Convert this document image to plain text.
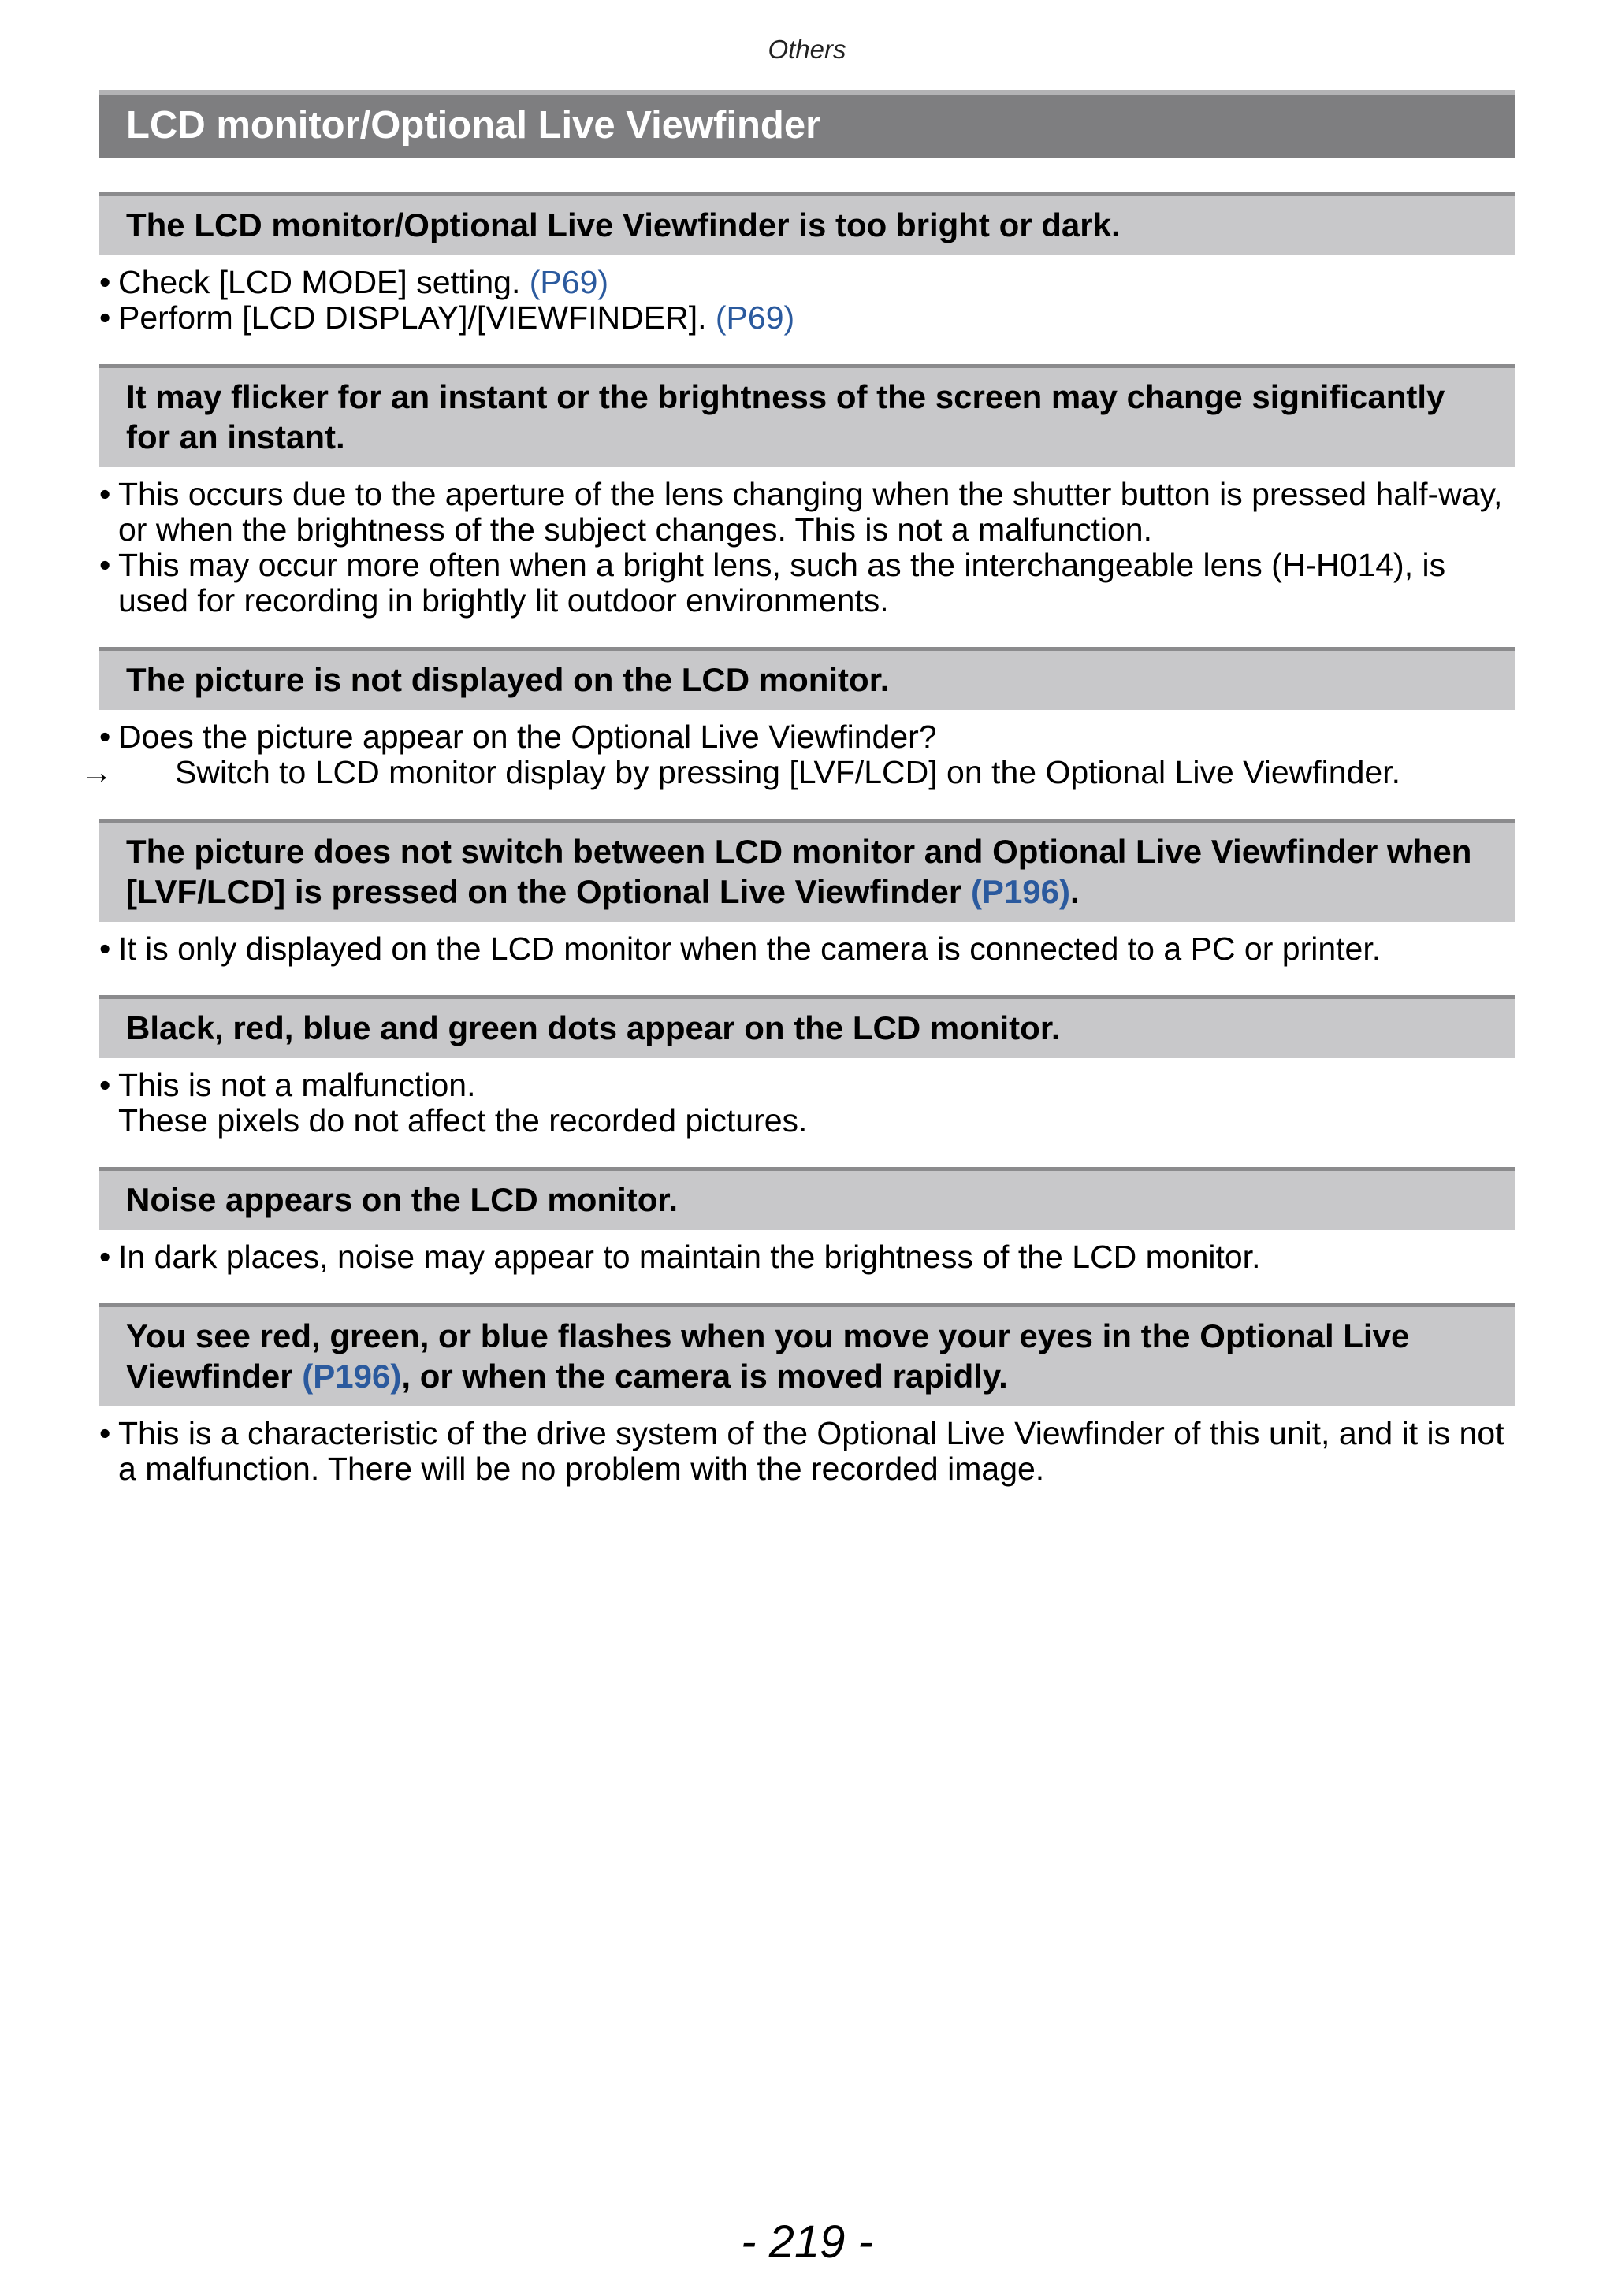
Others
LCD monitor/Optional Live Viewfinder
The LCD monitor/Optional Live Viewfinder is too bright or dark.
• Check [LCD MODE] setting. (P69)
• Perform [LCD DISPLAY]/[VIEWFINDER]. (P69)
It may flicker for an instant or the brightness of the screen may change significantly for an instant.
• This occurs due to the aperture of the lens changing when the shutter button is pressed half-way, or when the brightness of the subject changes. This is not a malfunction.
• This may occur more often when a bright lens, such as the interchangeable lens (H-H014), is used for recording in brightly lit outdoor environments.
The picture is not displayed on the LCD monitor.
• Does the picture appear on the Optional Live Viewfinder?
→ Switch to LCD monitor display by pressing [LVF/LCD] on the Optional Live Viewfinder.
The picture does not switch between LCD monitor and Optional Live Viewfinder when [LVF/LCD] is pressed on the Optional Live Viewfinder (P196).
• It is only displayed on the LCD monitor when the camera is connected to a PC or printer.
Black, red, blue and green dots appear on the LCD monitor.
• This is not a malfunction.
These pixels do not affect the recorded pictures.
Noise appears on the LCD monitor.
• In dark places, noise may appear to maintain the brightness of the LCD monitor.
You see red, green, or blue flashes when you move your eyes in the Optional Live Viewfinder (P196), or when the camera is moved rapidly.
• This is a characteristic of the drive system of the Optional Live Viewfinder of this unit, and it is not a malfunction. There will be no problem with the recorded image.
- 219 -
